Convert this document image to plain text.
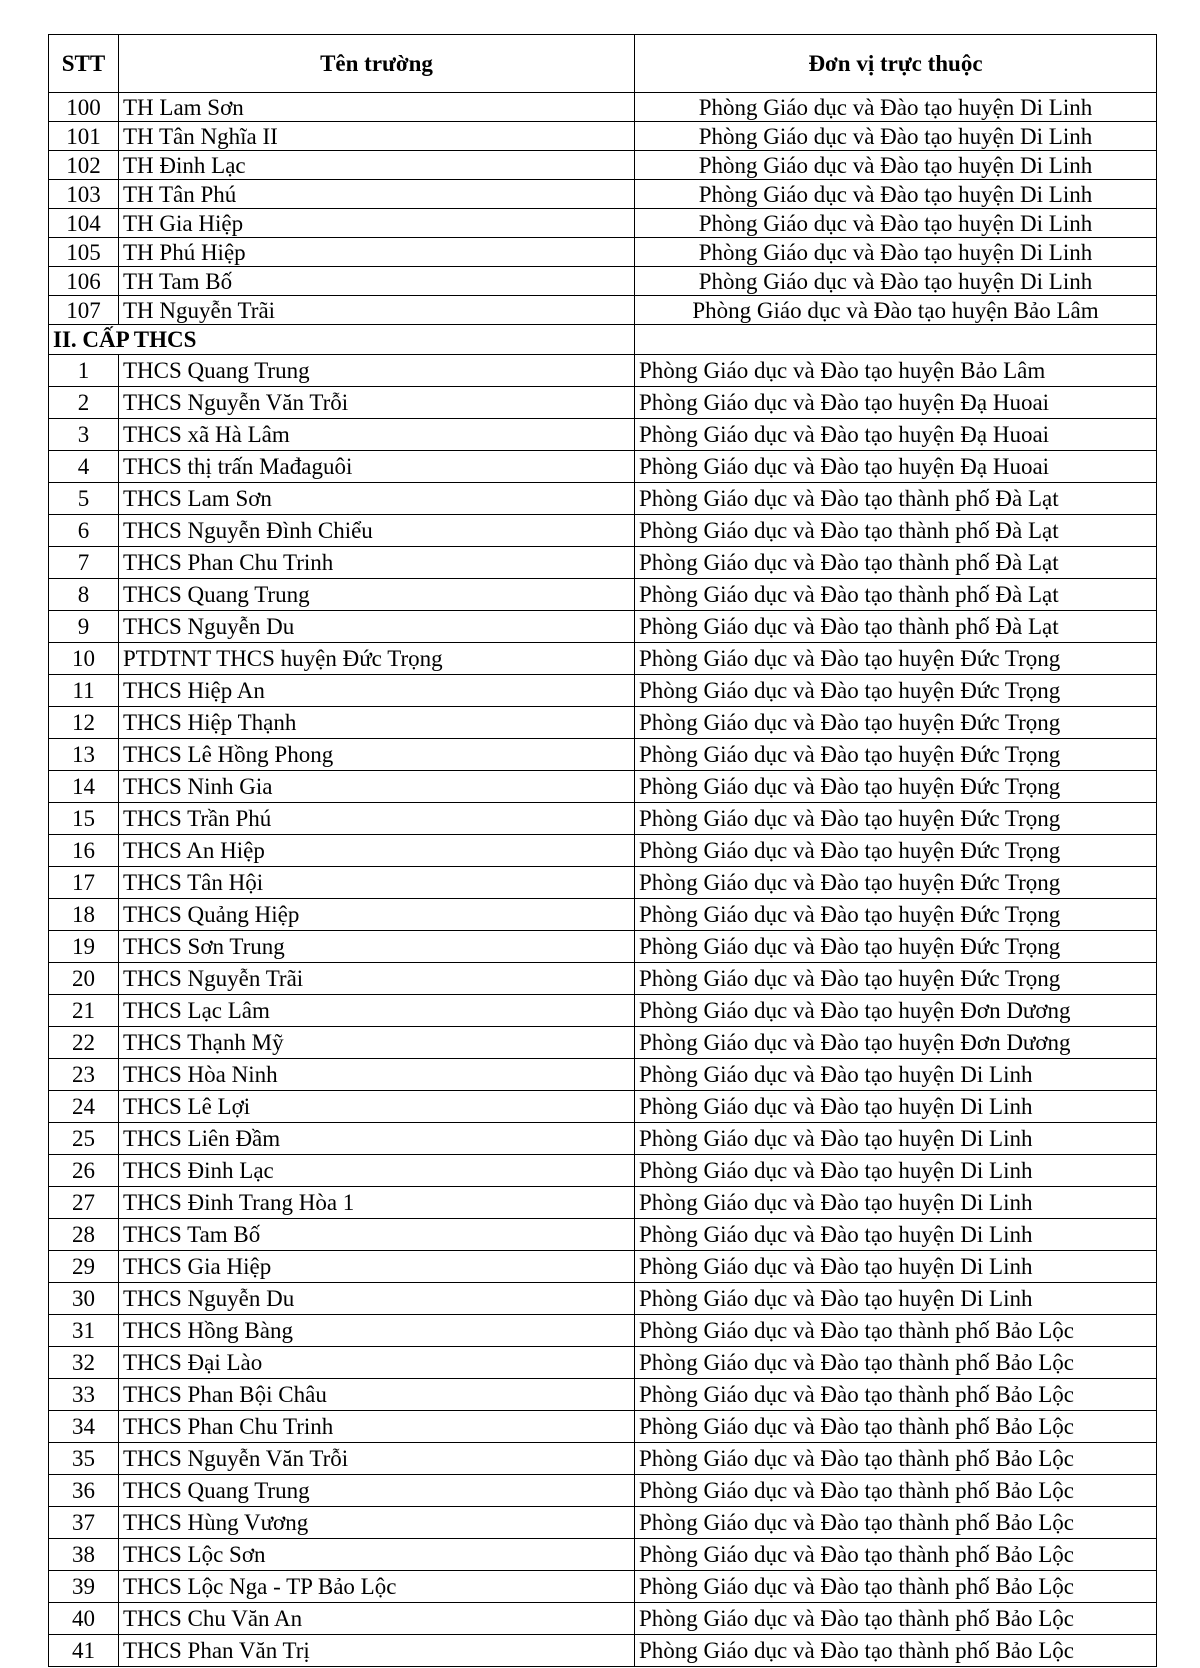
STT	Tên trường	Đơn vị trực thuộc
100	TH Lam Sơn	Phòng Giáo dục và Đào tạo huyện Di Linh
101	TH Tân Nghĩa II	Phòng Giáo dục và Đào tạo huyện Di Linh
102	TH Đinh Lạc	Phòng Giáo dục và Đào tạo huyện Di Linh
103	TH Tân Phú	Phòng Giáo dục và Đào tạo huyện Di Linh
104	TH Gia Hiệp	Phòng Giáo dục và Đào tạo huyện Di Linh
105	TH Phú Hiệp	Phòng Giáo dục và Đào tạo huyện Di Linh
106	TH Tam Bố	Phòng Giáo dục và Đào tạo huyện Di Linh
107	TH Nguyễn Trãi	Phòng Giáo dục và Đào tạo huyện Bảo Lâm
II. CẤP THCS		
1	THCS Quang Trung	Phòng Giáo dục và Đào tạo huyện Bảo Lâm
2	THCS Nguyễn Văn Trỗi	Phòng Giáo dục và Đào tạo huyện Đạ Huoai
3	THCS xã Hà Lâm	Phòng Giáo dục và Đào tạo huyện Đạ Huoai
4	THCS thị trấn Mađaguôi	Phòng Giáo dục và Đào tạo huyện Đạ Huoai
5	THCS Lam Sơn	Phòng Giáo dục và Đào tạo thành phố Đà Lạt
6	THCS Nguyễn Đình Chiểu	Phòng Giáo dục và Đào tạo thành phố Đà Lạt
7	THCS Phan Chu Trinh	Phòng Giáo dục và Đào tạo thành phố Đà Lạt
8	THCS Quang Trung	Phòng Giáo dục và Đào tạo thành phố Đà Lạt
9	THCS Nguyễn Du	Phòng Giáo dục và Đào tạo thành phố Đà Lạt
10	PTDTNT THCS huyện Đức Trọng	Phòng Giáo dục và Đào tạo huyện Đức Trọng
11	THCS Hiệp An	Phòng Giáo dục và Đào tạo huyện Đức Trọng
12	THCS Hiệp Thạnh	Phòng Giáo dục và Đào tạo huyện Đức Trọng
13	THCS Lê Hồng Phong	Phòng Giáo dục và Đào tạo huyện Đức Trọng
14	THCS Ninh Gia	Phòng Giáo dục và Đào tạo huyện Đức Trọng
15	THCS Trần Phú	Phòng Giáo dục và Đào tạo huyện Đức Trọng
16	THCS An Hiệp	Phòng Giáo dục và Đào tạo huyện Đức Trọng
17	THCS Tân Hội	Phòng Giáo dục và Đào tạo huyện Đức Trọng
18	THCS Quảng Hiệp	Phòng Giáo dục và Đào tạo huyện Đức Trọng
19	THCS Sơn Trung	Phòng Giáo dục và Đào tạo huyện Đức Trọng
20	THCS Nguyễn Trãi	Phòng Giáo dục và Đào tạo huyện Đức Trọng
21	THCS Lạc Lâm	Phòng Giáo dục và Đào tạo huyện Đơn Dương
22	THCS Thạnh Mỹ	Phòng Giáo dục và Đào tạo huyện Đơn Dương
23	THCS Hòa Ninh	Phòng Giáo dục và Đào tạo huyện Di Linh
24	THCS Lê Lợi	Phòng Giáo dục và Đào tạo huyện Di Linh
25	THCS Liên Đầm	Phòng Giáo dục và Đào tạo huyện Di Linh
26	THCS Đinh Lạc	Phòng Giáo dục và Đào tạo huyện Di Linh
27	THCS Đinh Trang Hòa 1	Phòng Giáo dục và Đào tạo huyện Di Linh
28	THCS Tam Bố	Phòng Giáo dục và Đào tạo huyện Di Linh
29	THCS Gia Hiệp	Phòng Giáo dục và Đào tạo huyện Di Linh
30	THCS Nguyễn Du	Phòng Giáo dục và Đào tạo huyện Di Linh
31	THCS Hồng Bàng	Phòng Giáo dục và Đào tạo thành phố Bảo Lộc
32	THCS Đại Lào	Phòng Giáo dục và Đào tạo thành phố Bảo Lộc
33	THCS Phan Bội Châu	Phòng Giáo dục và Đào tạo thành phố Bảo Lộc
34	THCS Phan Chu Trinh	Phòng Giáo dục và Đào tạo thành phố Bảo Lộc
35	THCS Nguyễn Văn Trỗi	Phòng Giáo dục và Đào tạo thành phố Bảo Lộc
36	THCS Quang Trung	Phòng Giáo dục và Đào tạo thành phố Bảo Lộc
37	THCS Hùng Vương	Phòng Giáo dục và Đào tạo thành phố Bảo Lộc
38	THCS Lộc Sơn	Phòng Giáo dục và Đào tạo thành phố Bảo Lộc
39	THCS Lộc Nga - TP Bảo Lộc	Phòng Giáo dục và Đào tạo thành phố Bảo Lộc
40	THCS Chu Văn An	Phòng Giáo dục và Đào tạo thành phố Bảo Lộc
41	THCS Phan Văn Trị	Phòng Giáo dục và Đào tạo thành phố Bảo Lộc
